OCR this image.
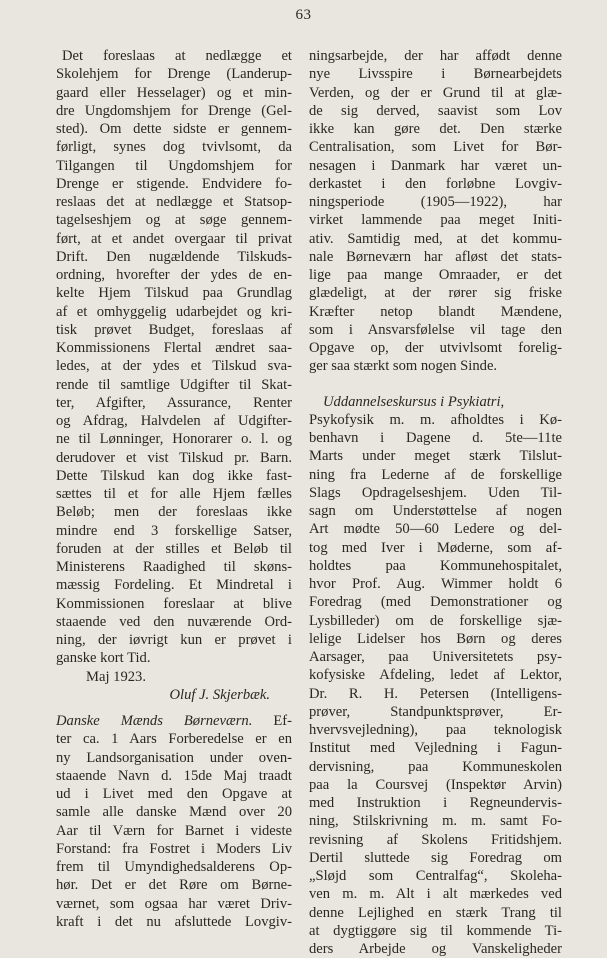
63
Det foreslaas at nedlægge et
Skolehjem for Drenge (Landerup-
gaard eller Hesselager) og et min-
dre Ungdomshjem for Drenge (Gel-
sted). Om dette sidste er gennem-
førligt, synes dog tvivlsomt, da
Tilgangen til Ungdomshjem for
Drenge er stigende. Endvidere fo-
reslaas det at nedlægge et Statsop-
tagelseshjem og at søge gennem-
ført, at et andet overgaar til privat
Drift. Den nugældende Tilskuds-
ordning, hvorefter der ydes de en-
kelte Hjem Tilskud paa Grundlag
af et omhyggelig udarbejdet og kri-
tisk prøvet Budget, foreslaas af
Kommissionens Flertal ændret saa-
ledes, at der ydes et Tilskud sva-
rende til samtlige Udgifter til Skat-
ter, Afgifter, Assurance, Renter
og Afdrag, Halvdelen af Udgifter-
ne til Lønninger, Honorarer o. l. og
derudover et vist Tilskud pr. Barn.
Dette Tilskud kan dog ikke fast-
sættes til et for alle Hjem fælles
Beløb; men der foreslaas ikke
mindre end 3 forskellige Satser,
foruden at der stilles et Beløb til
Ministerens Raadighed til skøns-
mæssig Fordeling. Et Mindretal i
Kommissionen foreslaar at blive
staaende ved den nuværende Ord-
ning, der iøvrigt kun er prøvet i
ganske kort Tid.
Maj 1923.
Oluf J. Skjerbæk.
Danske Mænds Børneværn. Ef-
ter ca. 1 Aars Forberedelse er en
ny Landsorganisation under oven-
staaende Navn d. 15de Maj traadt
ud i Livet med den Opgave at
samle alle danske Mænd over 20
Aar til Værn for Barnet i videste
Forstand: fra Fostret i Moders Liv
frem til Umyndighedsalderens Op-
hør. Det er det Røre om Børne-
værnet, som ogsaa har været Driv-
kraft i det nu afsluttede Lovgiv-
ningsarbejde, der har affødt denne
nye Livsspire i Børnearbejdets
Verden, og der er Grund til at glæ-
de sig derved, saavist som Lov
ikke kan gøre det. Den stærke
Centralisation, som Livet for Bør-
nesagen i Danmark har været un-
derkastet i den forløbne Lovgiv-
ningsperiode (1905—1922), har
virket lammende paa meget Initi-
ativ. Samtidig med, at det kommu-
nale Børneværn har afløst det stats-
lige paa mange Omraader, er det
glædeligt, at der rører sig friske
Kræfter netop blandt Mændene,
som i Ansvarsfølelse vil tage den
Opgave op, der utvivlsomt forelig-
ger saa stærkt som nogen Sinde.
Uddannelseskursus i Psykiatri,
Psykofysik m. m. afholdtes i Kø-
benhavn i Dagene d. 5te—11te
Marts under meget stærk Tilslut-
ning fra Lederne af de forskellige
Slags Opdragelseshjem. Uden Til-
sagn om Understøttelse af nogen
Art mødte 50—60 Ledere og del-
tog med Iver i Møderne, som af-
holdtes paa Kommunehospitalet,
hvor Prof. Aug. Wimmer holdt 6
Foredrag (med Demonstrationer og
Lysbilleder) om de forskellige sjæ-
lelige Lidelser hos Børn og deres
Aarsager, paa Universitetets psy-
kofysiske Afdeling, ledet af Lektor,
Dr. R. H. Petersen (Intelligens-
prøver, Standpunktsprøver, Er-
hvervsvejledning), paa teknologisk
Institut med Vejledning i Fagun-
dervisning, paa Kommuneskolen
paa la Coursvej (Inspektør Arvin)
med Instruktion i Regneundervis-
ning, Stilskrivning m. m. samt Fo-
revisning af Skolens Fritidshjem.
Dertil sluttede sig Foredrag om
„Sløjd som Centralfag“, Skoleha-
ven m. m. Alt i alt mærkedes ved
denne Lejlighed en stærk Trang til
at dygtiggøre sig til kommende Ti-
ders Arbejde og Vanskeligheder
